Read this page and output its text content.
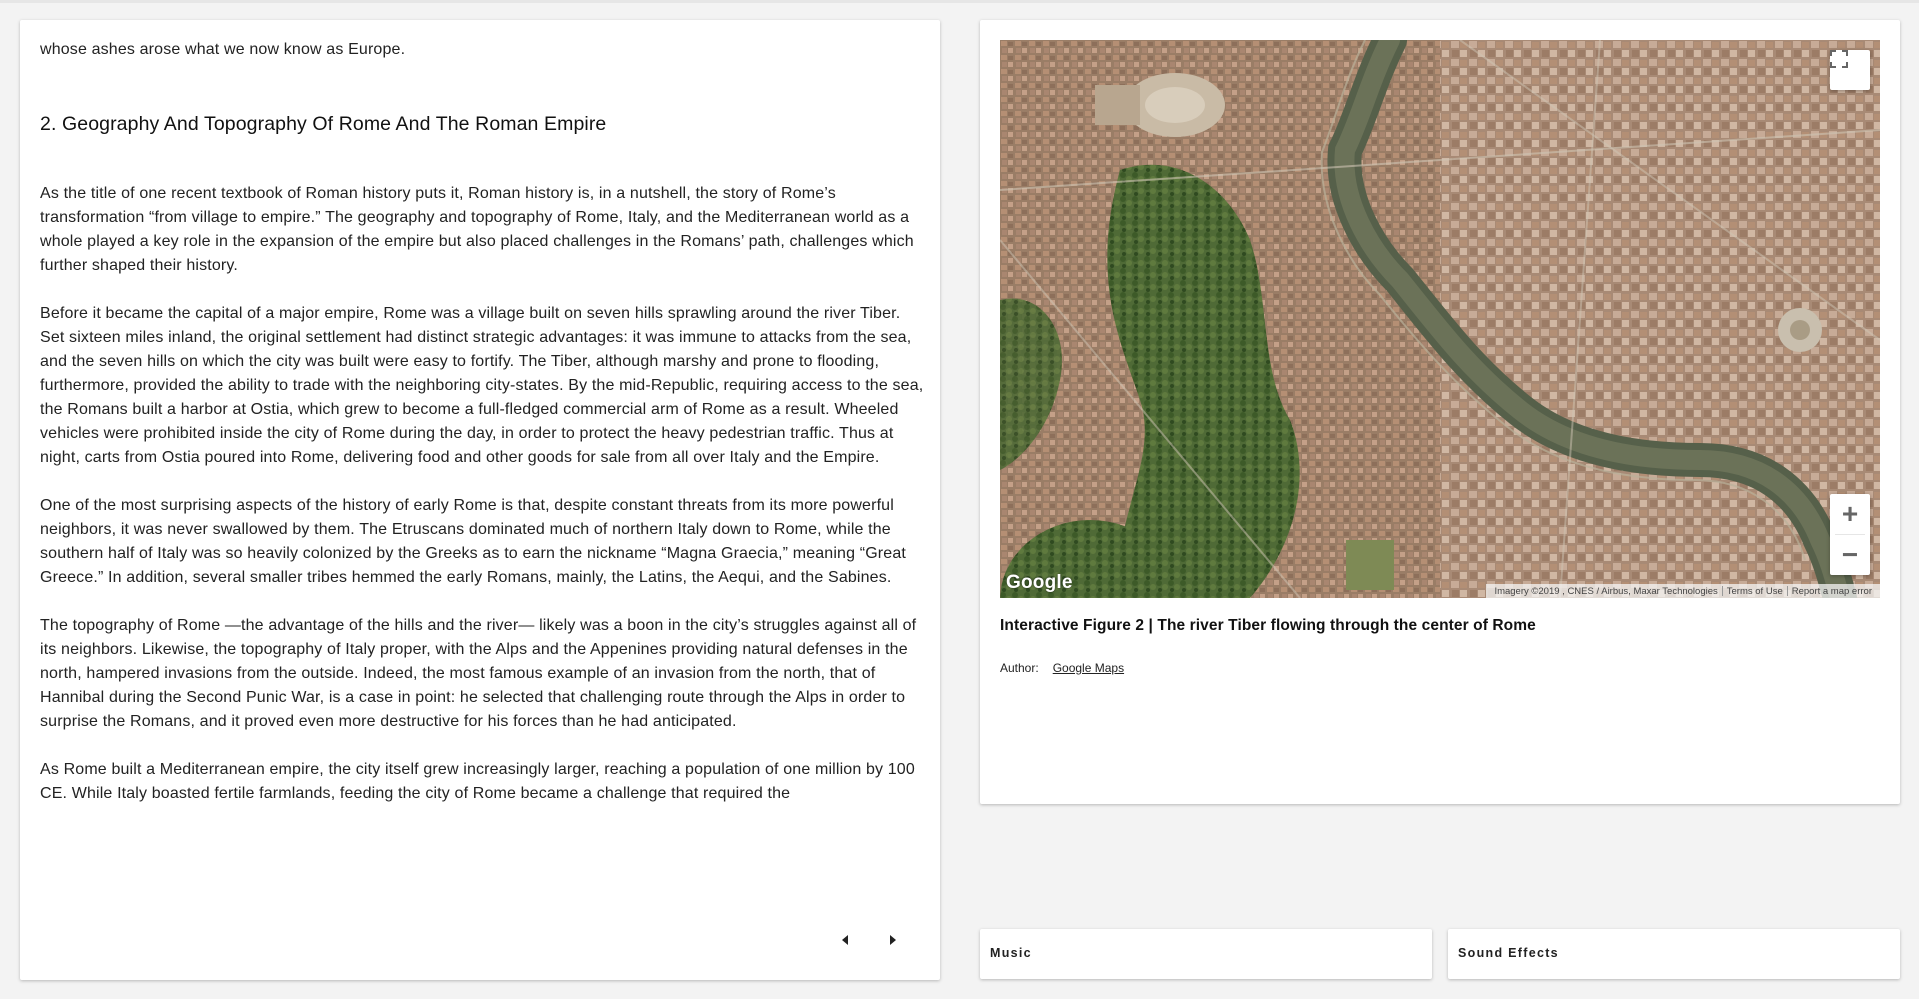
whose ashes arose what we now know as Europe.

2. Geography And Topography Of Rome And The Roman Empire

As the title of one recent textbook of Roman history puts it, Roman history is, in a nutshell, the story of Rome’s transformation “from village to empire.” The geography and topography of Rome, Italy, and the Mediterranean world as a whole played a key role in the expansion of the empire but also placed challenges in the Romans’ path, challenges which further shaped their history.

Before it became the capital of a major empire, Rome was a village built on seven hills sprawling around the river Tiber. Set sixteen miles inland, the original settlement had distinct strategic advantages: it was immune to attacks from the sea, and the seven hills on which the city was built were easy to fortify. The Tiber, although marshy and prone to flooding, furthermore, provided the ability to trade with the neighboring city-states. By the mid-Republic, requiring access to the sea, the Romans built a harbor at Ostia, which grew to become a full-fledged commercial arm of Rome as a result. Wheeled vehicles were prohibited inside the city of Rome during the day, in order to protect the heavy pedestrian traffic. Thus at night, carts from Ostia poured into Rome, delivering food and other goods for sale from all over Italy and the Empire.

One of the most surprising aspects of the history of early Rome is that, despite constant threats from its more powerful neighbors, it was never swallowed by them. The Etruscans dominated much of northern Italy down to Rome, while the southern half of Italy was so heavily colonized by the Greeks as to earn the nickname “Magna Graecia,” meaning “Great Greece.” In addition, several smaller tribes hemmed the early Romans, mainly, the Latins, the Aequi, and the Sabines.

The topography of Rome —the advantage of the hills and the river— likely was a boon in the city’s struggles against all of its neighbors. Likewise, the topography of Italy proper, with the Alps and the Appenines providing natural defenses in the north, hampered invasions from the outside. Indeed, the most famous example of an invasion from the north, that of Hannibal during the Second Punic War, is a case in point: he selected that challenging route through the Alps in order to surprise the Romans, and it proved even more destructive for his forces than he had anticipated.

As Rome built a Mediterranean empire, the city itself grew increasingly larger, reaching a population of one million by 100 CE. While Italy boasted fertile farmlands, feeding the city of Rome became a challenge that required the

+
−
Google	Imagery ©2019 , CNES / Airbus, Maxar Technologies Terms of Use Report a map error
Interactive Figure 2 | The river Tiber flowing through the center of Rome
Author: Google Maps
Music	Sound Effects
